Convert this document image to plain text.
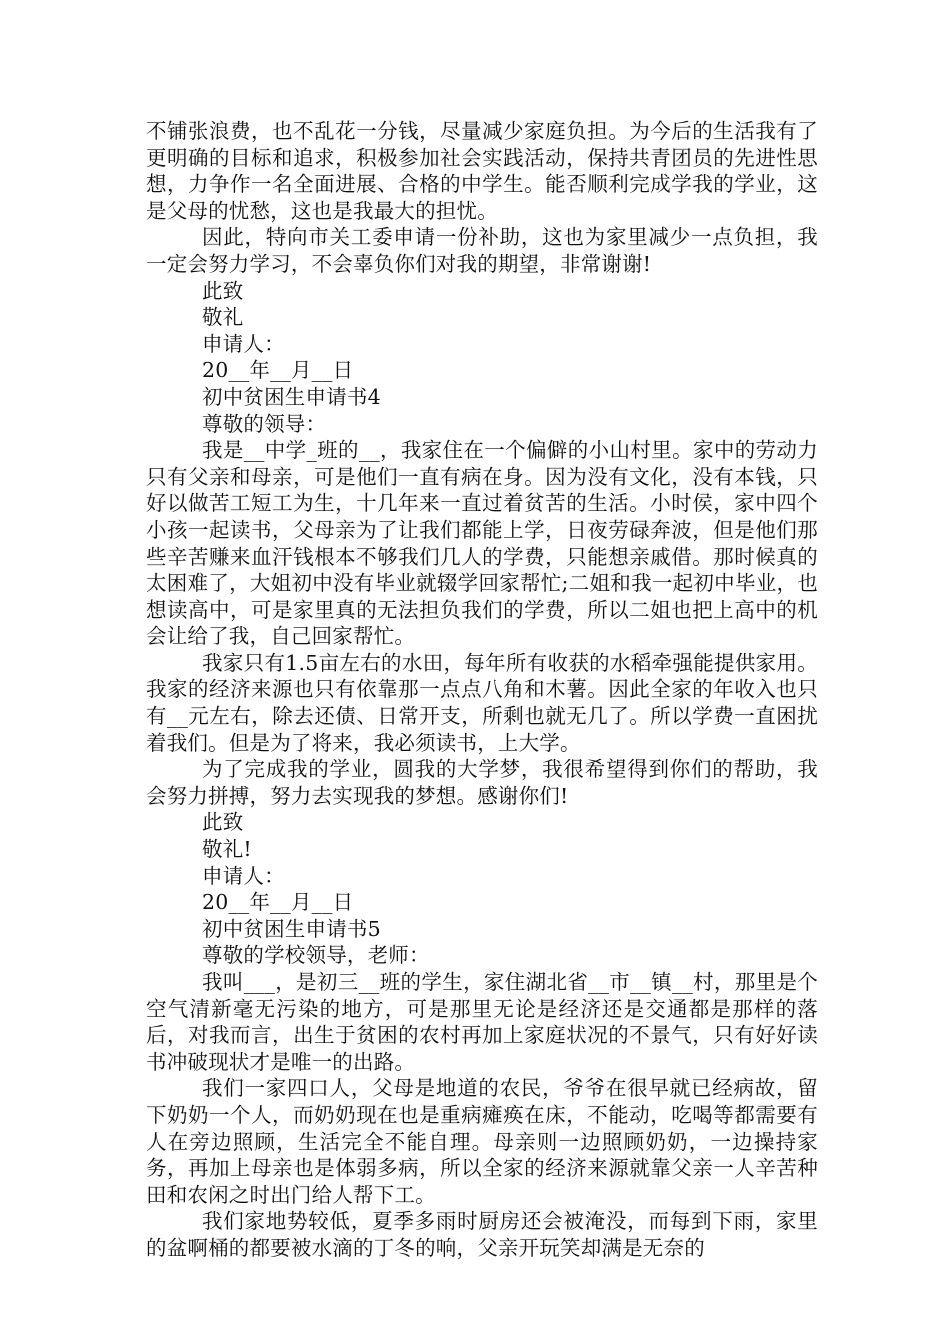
不铺张浪费，也不乱花一分钱，尽量减少家庭负担。为今后的生活我有了更明确的目标和追求，积极参加社会实践活动，保持共青团员的先进性思想，力争作一名全面进展、合格的中学生。能否顺利完成学我的学业，这是父母的忧愁，这也是我最大的担忧。

因此，特向市关工委申请一份补助，这也为家里减少一点负担，我一定会努力学习，不会辜负你们对我的期望，非常谢谢!

此致

敬礼

申请人：

20__年__月__日

初中贫困生申请书4

尊敬的领导：

我是__中学_班的__，我家住在一个偏僻的小山村里。家中的劳动力只有父亲和母亲，可是他们一直有病在身。因为没有文化，没有本钱，只好以做苦工短工为生，十几年来一直过着贫苦的生活。小时侯，家中四个小孩一起读书，父母亲为了让我们都能上学，日夜劳碌奔波，但是他们那些辛苦赚来血汗钱根本不够我们几人的学费，只能想亲戚借。那时候真的太困难了，大姐初中没有毕业就辍学回家帮忙;二姐和我一起初中毕业，也想读高中，可是家里真的无法担负我们的学费，所以二姐也把上高中的机会让给了我，自己回家帮忙。

我家只有1.5亩左右的水田，每年所有收获的水稻牵强能提供家用。我家的经济来源也只有依靠那一点点八角和木薯。因此全家的年收入也只有__元左右，除去还债、日常开支，所剩也就无几了。所以学费一直困扰着我们。但是为了将来，我必须读书，上大学。

为了完成我的学业，圆我的大学梦，我很希望得到你们的帮助，我会努力拼搏，努力去实现我的梦想。感谢你们!

此致

敬礼!

申请人：

20__年__月__日

初中贫困生申请书5

尊敬的学校领导，老师：

我叫___，是初三__班的学生，家住湖北省__市__镇__村，那里是个空气清新毫无污染的地方，可是那里无论是经济还是交通都是那样的落后，对我而言，出生于贫困的农村再加上家庭状况的不景气，只有好好读书冲破现状才是唯一的出路。

我们一家四口人，父母是地道的农民，爷爷在很早就已经病故，留下奶奶一个人，而奶奶现在也是重病瘫痪在床，不能动，吃喝等都需要有人在旁边照顾，生活完全不能自理。母亲则一边照顾奶奶，一边操持家务，再加上母亲也是体弱多病，所以全家的经济来源就靠父亲一人辛苦种田和农闲之时出门给人帮下工。

我们家地势较低，夏季多雨时厨房还会被淹没，而每到下雨，家里的盆啊桶的都要被水滴的丁冬的响，父亲开玩笑却满是无奈的
